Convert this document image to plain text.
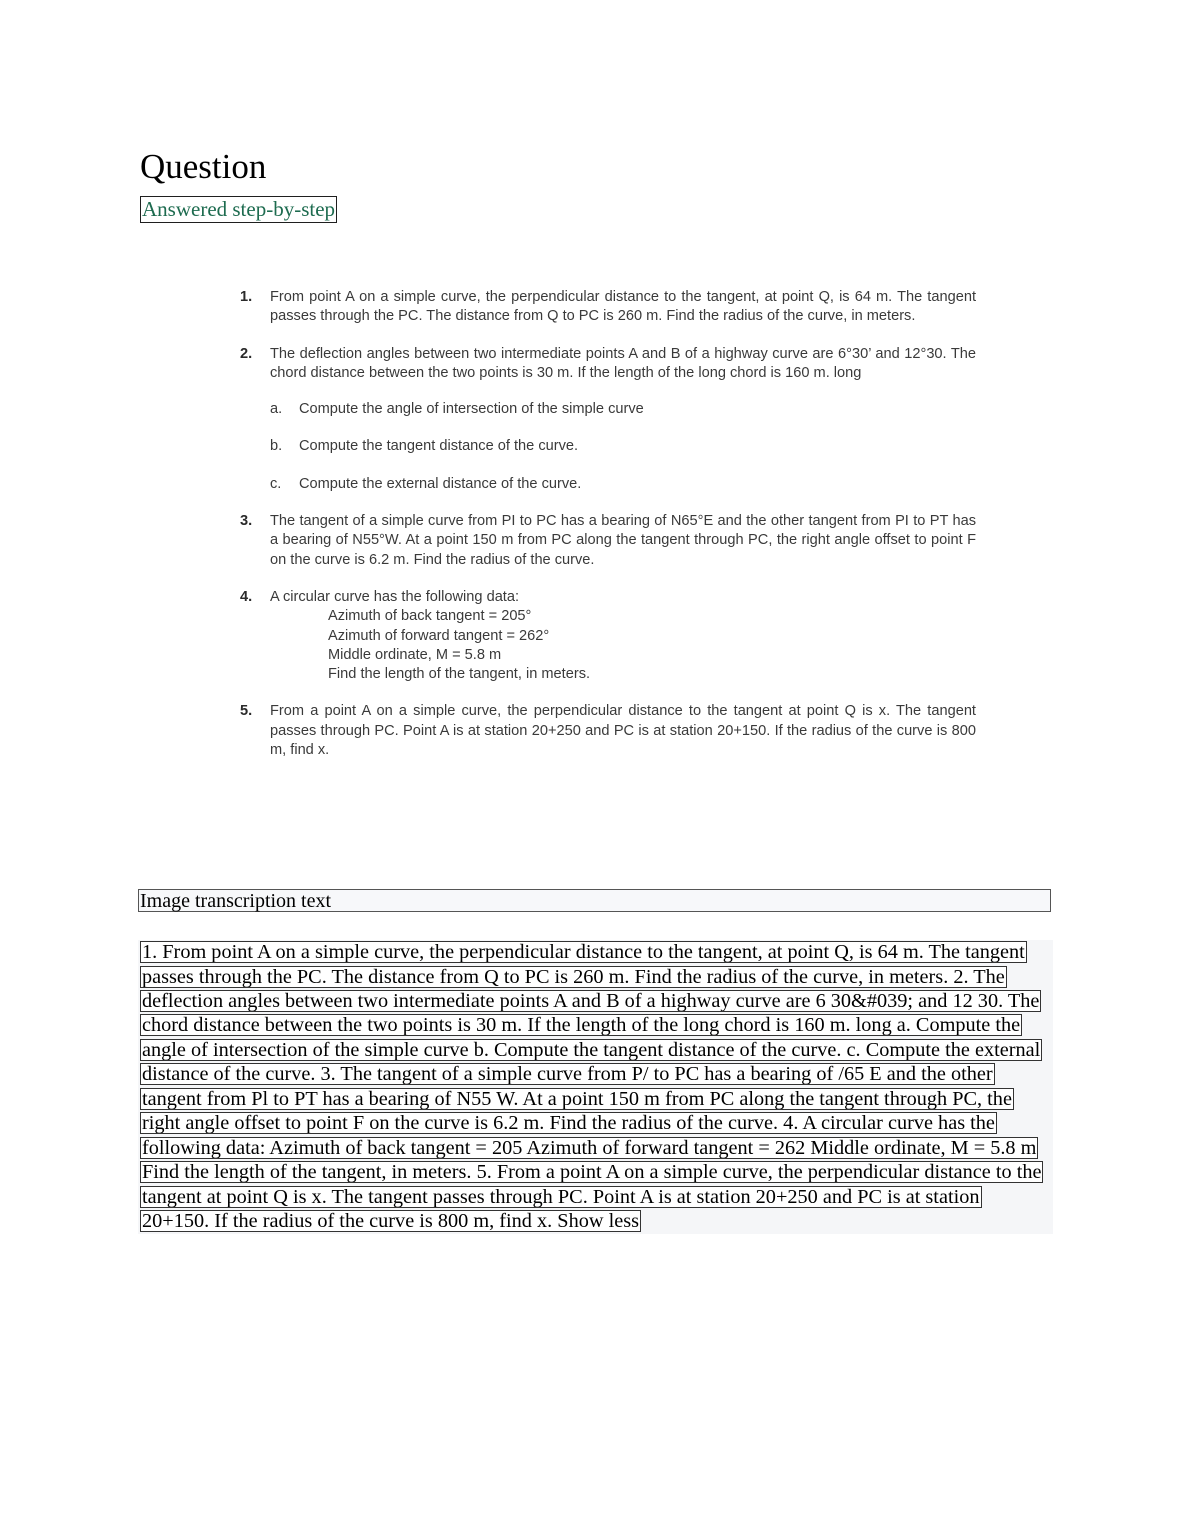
Question
Answered step-by-step
1. From point A on a simple curve, the perpendicular distance to the tangent, at point Q, is 64 m. The tangent passes through the PC. The distance from Q to PC is 260 m. Find the radius of the curve, in meters.
2. The deflection angles between two intermediate points A and B of a highway curve are 6°30’ and 12°30. The chord distance between the two points is 30 m. If the length of the long chord is 160 m. long
a. Compute the angle of intersection of the simple curve
b. Compute the tangent distance of the curve.
c. Compute the external distance of the curve.
3. The tangent of a simple curve from PI to PC has a bearing of N65°E and the other tangent from PI to PT has a bearing of N55°W. At a point 150 m from PC along the tangent through PC, the right angle offset to point F on the curve is 6.2 m. Find the radius of the curve.
4. A circular curve has the following data:
Azimuth of back tangent = 205°
Azimuth of forward tangent = 262°
Middle ordinate, M = 5.8 m
Find the length of the tangent, in meters.
5. From a point A on a simple curve, the perpendicular distance to the tangent at point Q is x. The tangent passes through PC. Point A is at station 20+250 and PC is at station 20+150. If the radius of the curve is 800 m, find x.
Image transcription text
1. From point A on a simple curve, the perpendicular distance to the tangent, at point Q, is 64 m. The tangent
passes through the PC. The distance from Q to PC is 260 m. Find the radius of the curve, in meters. 2. The
deflection angles between two intermediate points A and B of a highway curve are 6 30&#039; and 12 30. The
chord distance between the two points is 30 m. If the length of the long chord is 160 m. long a. Compute the
angle of intersection of the simple curve b. Compute the tangent distance of the curve. c. Compute the external
distance of the curve. 3. The tangent of a simple curve from P/ to PC has a bearing of /65 E and the other
tangent from Pl to PT has a bearing of N55 W. At a point 150 m from PC along the tangent through PC, the
right angle offset to point F on the curve is 6.2 m. Find the radius of the curve. 4. A circular curve has the
following data: Azimuth of back tangent = 205 Azimuth of forward tangent = 262 Middle ordinate, M = 5.8 m
Find the length of the tangent, in meters. 5. From a point A on a simple curve, the perpendicular distance to the
tangent at point Q is x. The tangent passes through PC. Point A is at station 20+250 and PC is at station
20+150. If the radius of the curve is 800 m, find x. Show less
